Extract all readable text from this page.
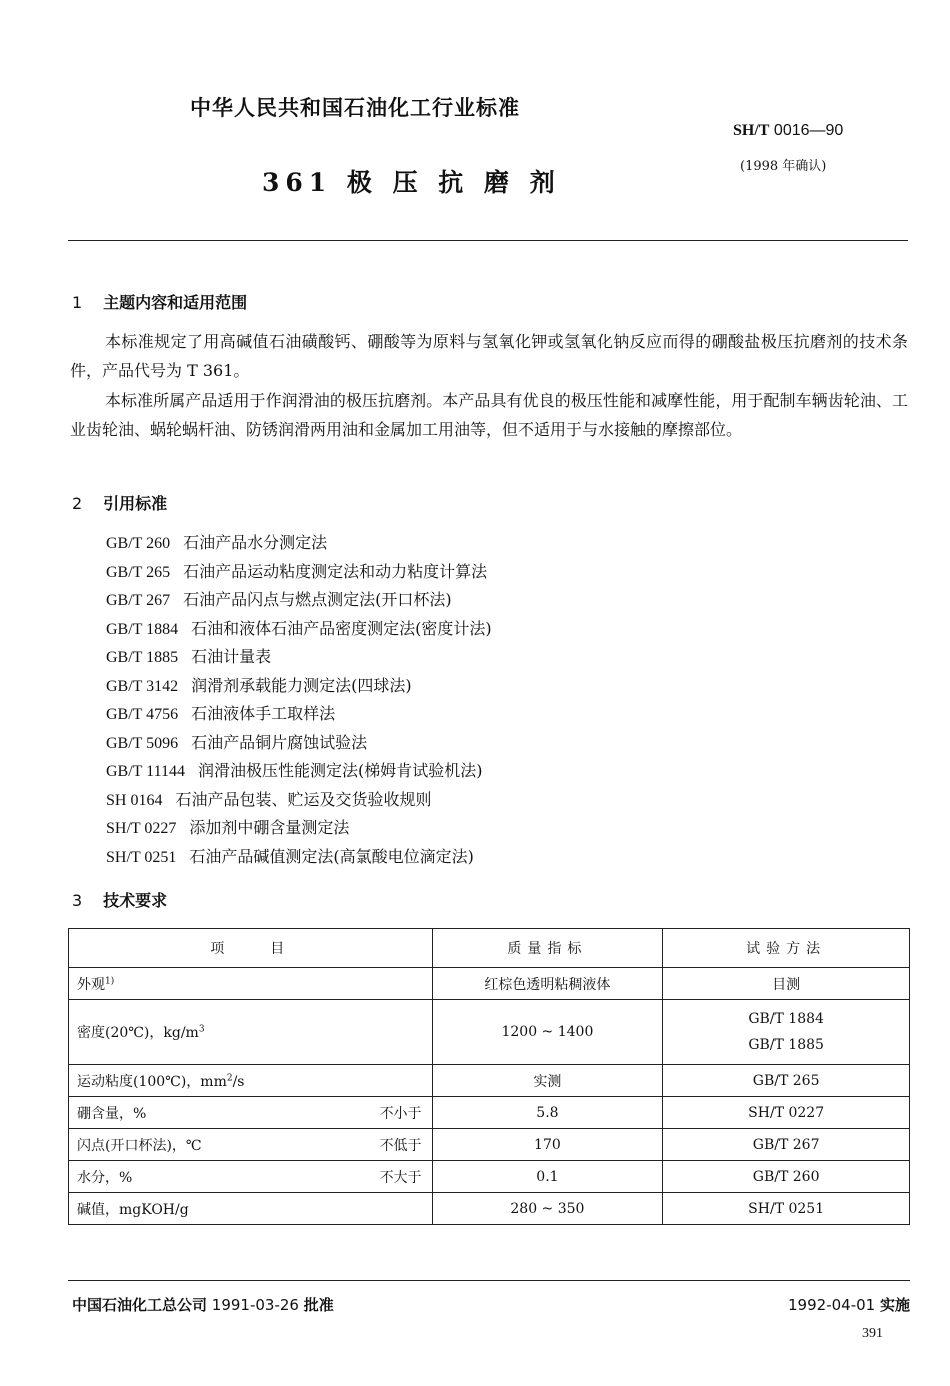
中华人民共和国石油化工行业标准
SH/T 0016—90
(1998 年确认)
361 极 压 抗 磨 剂
1 主题内容和适用范围
本标准规定了用高碱值石油磺酸钙、硼酸等为原料与氢氧化钾或氢氧化钠反应而得的硼酸盐极压抗磨剂的技术条件，产品代号为 T 361。
本标准所属产品适用于作润滑油的极压抗磨剂。本产品具有优良的极压性能和减摩性能，用于配制车辆齿轮油、工业齿轮油、蜗轮蜗杆油、防锈润滑两用油和金属加工用油等，但不适用于与水接触的摩擦部位。
2 引用标准
GB/T 260 石油产品水分测定法
GB/T 265 石油产品运动粘度测定法和动力粘度计算法
GB/T 267 石油产品闪点与燃点测定法(开口杯法)
GB/T 1884 石油和液体石油产品密度测定法(密度计法)
GB/T 1885 石油计量表
GB/T 3142 润滑剂承载能力测定法(四球法)
GB/T 4756 石油液体手工取样法
GB/T 5096 石油产品铜片腐蚀试验法
GB/T 11144 润滑油极压性能测定法(梯姆肯试验机法)
SH 0164 石油产品包装、贮运及交货验收规则
SH/T 0227 添加剂中硼含量测定法
SH/T 0251 石油产品碱值测定法(高氯酸电位滴定法)
3 技术要求
项　　目	质量指标	试验方法
外观$^{1)}$	红棕色透明粘稠液体	目测
密度(20℃)，$kg/m^3$	1200 ~ 1400	GB/T 1884
GB/T 1885

运动粘度(100℃)，$mm^2/s$	实测	GB/T 265

硼含量，% 不小于	5.8	SH/T 0227

闪点(开口杯法)，℃ 不低于	170	GB/T 267

水分，% 不大于	0.1	GB/T 260
碱值，mgKOH/g	280 ~ 350	SH/T 0251
中国石油化工总公司 1991-03-26 批准	1992-04-01 实施
391
